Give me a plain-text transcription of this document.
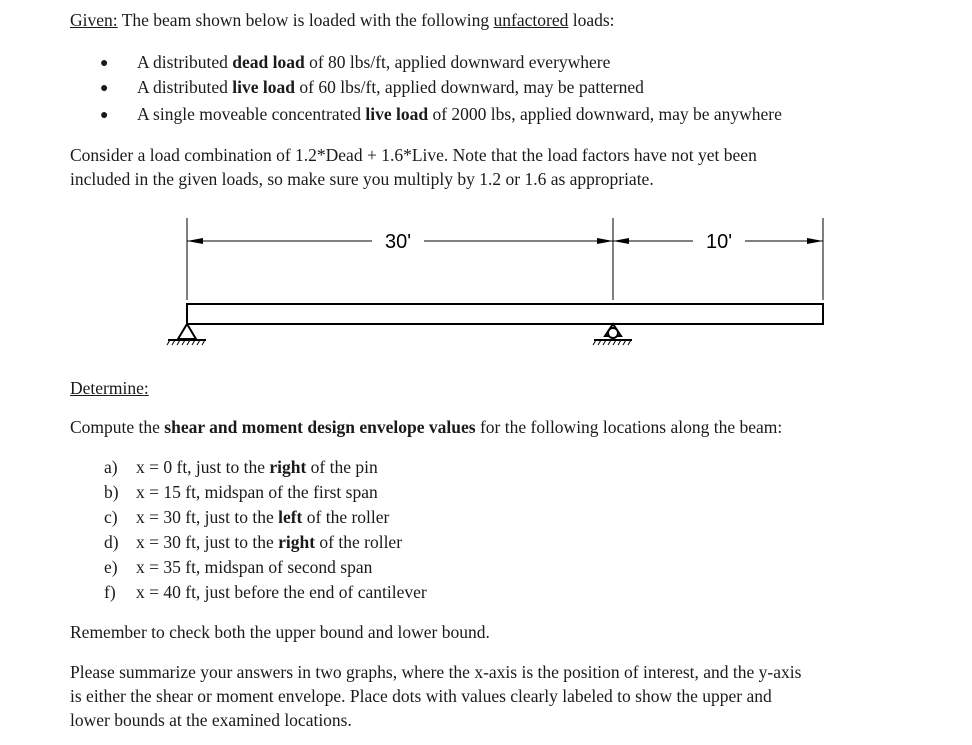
Given: The beam shown below is loaded with the following unfactored loads:
● A distributed dead load of 80 lbs/ft, applied downward everywhere
● A distributed live load of 60 lbs/ft, applied downward, may be patterned
● A single moveable concentrated live load of 2000 lbs, applied downward, may be anywhere
Consider a load combination of 1.2*Dead + 1.6*Live. Note that the load factors have not yet been
included in the given loads, so make sure you multiply by 1.2 or 1.6 as appropriate.
30'	10'
Determine:
Compute the shear and moment design envelope values for the following locations along the beam:
a) x = 0 ft, just to the right of the pin
b) x = 15 ft, midspan of the first span
c) x = 30 ft, just to the left of the roller
d) x = 30 ft, just to the right of the roller
e) x = 35 ft, midspan of second span
f) x = 40 ft, just before the end of cantilever
Remember to check both the upper bound and lower bound.
Please summarize your answers in two graphs, where the x-axis is the position of interest, and the y-axis
is either the shear or moment envelope. Place dots with values clearly labeled to show the upper and
lower bounds at the examined locations.
